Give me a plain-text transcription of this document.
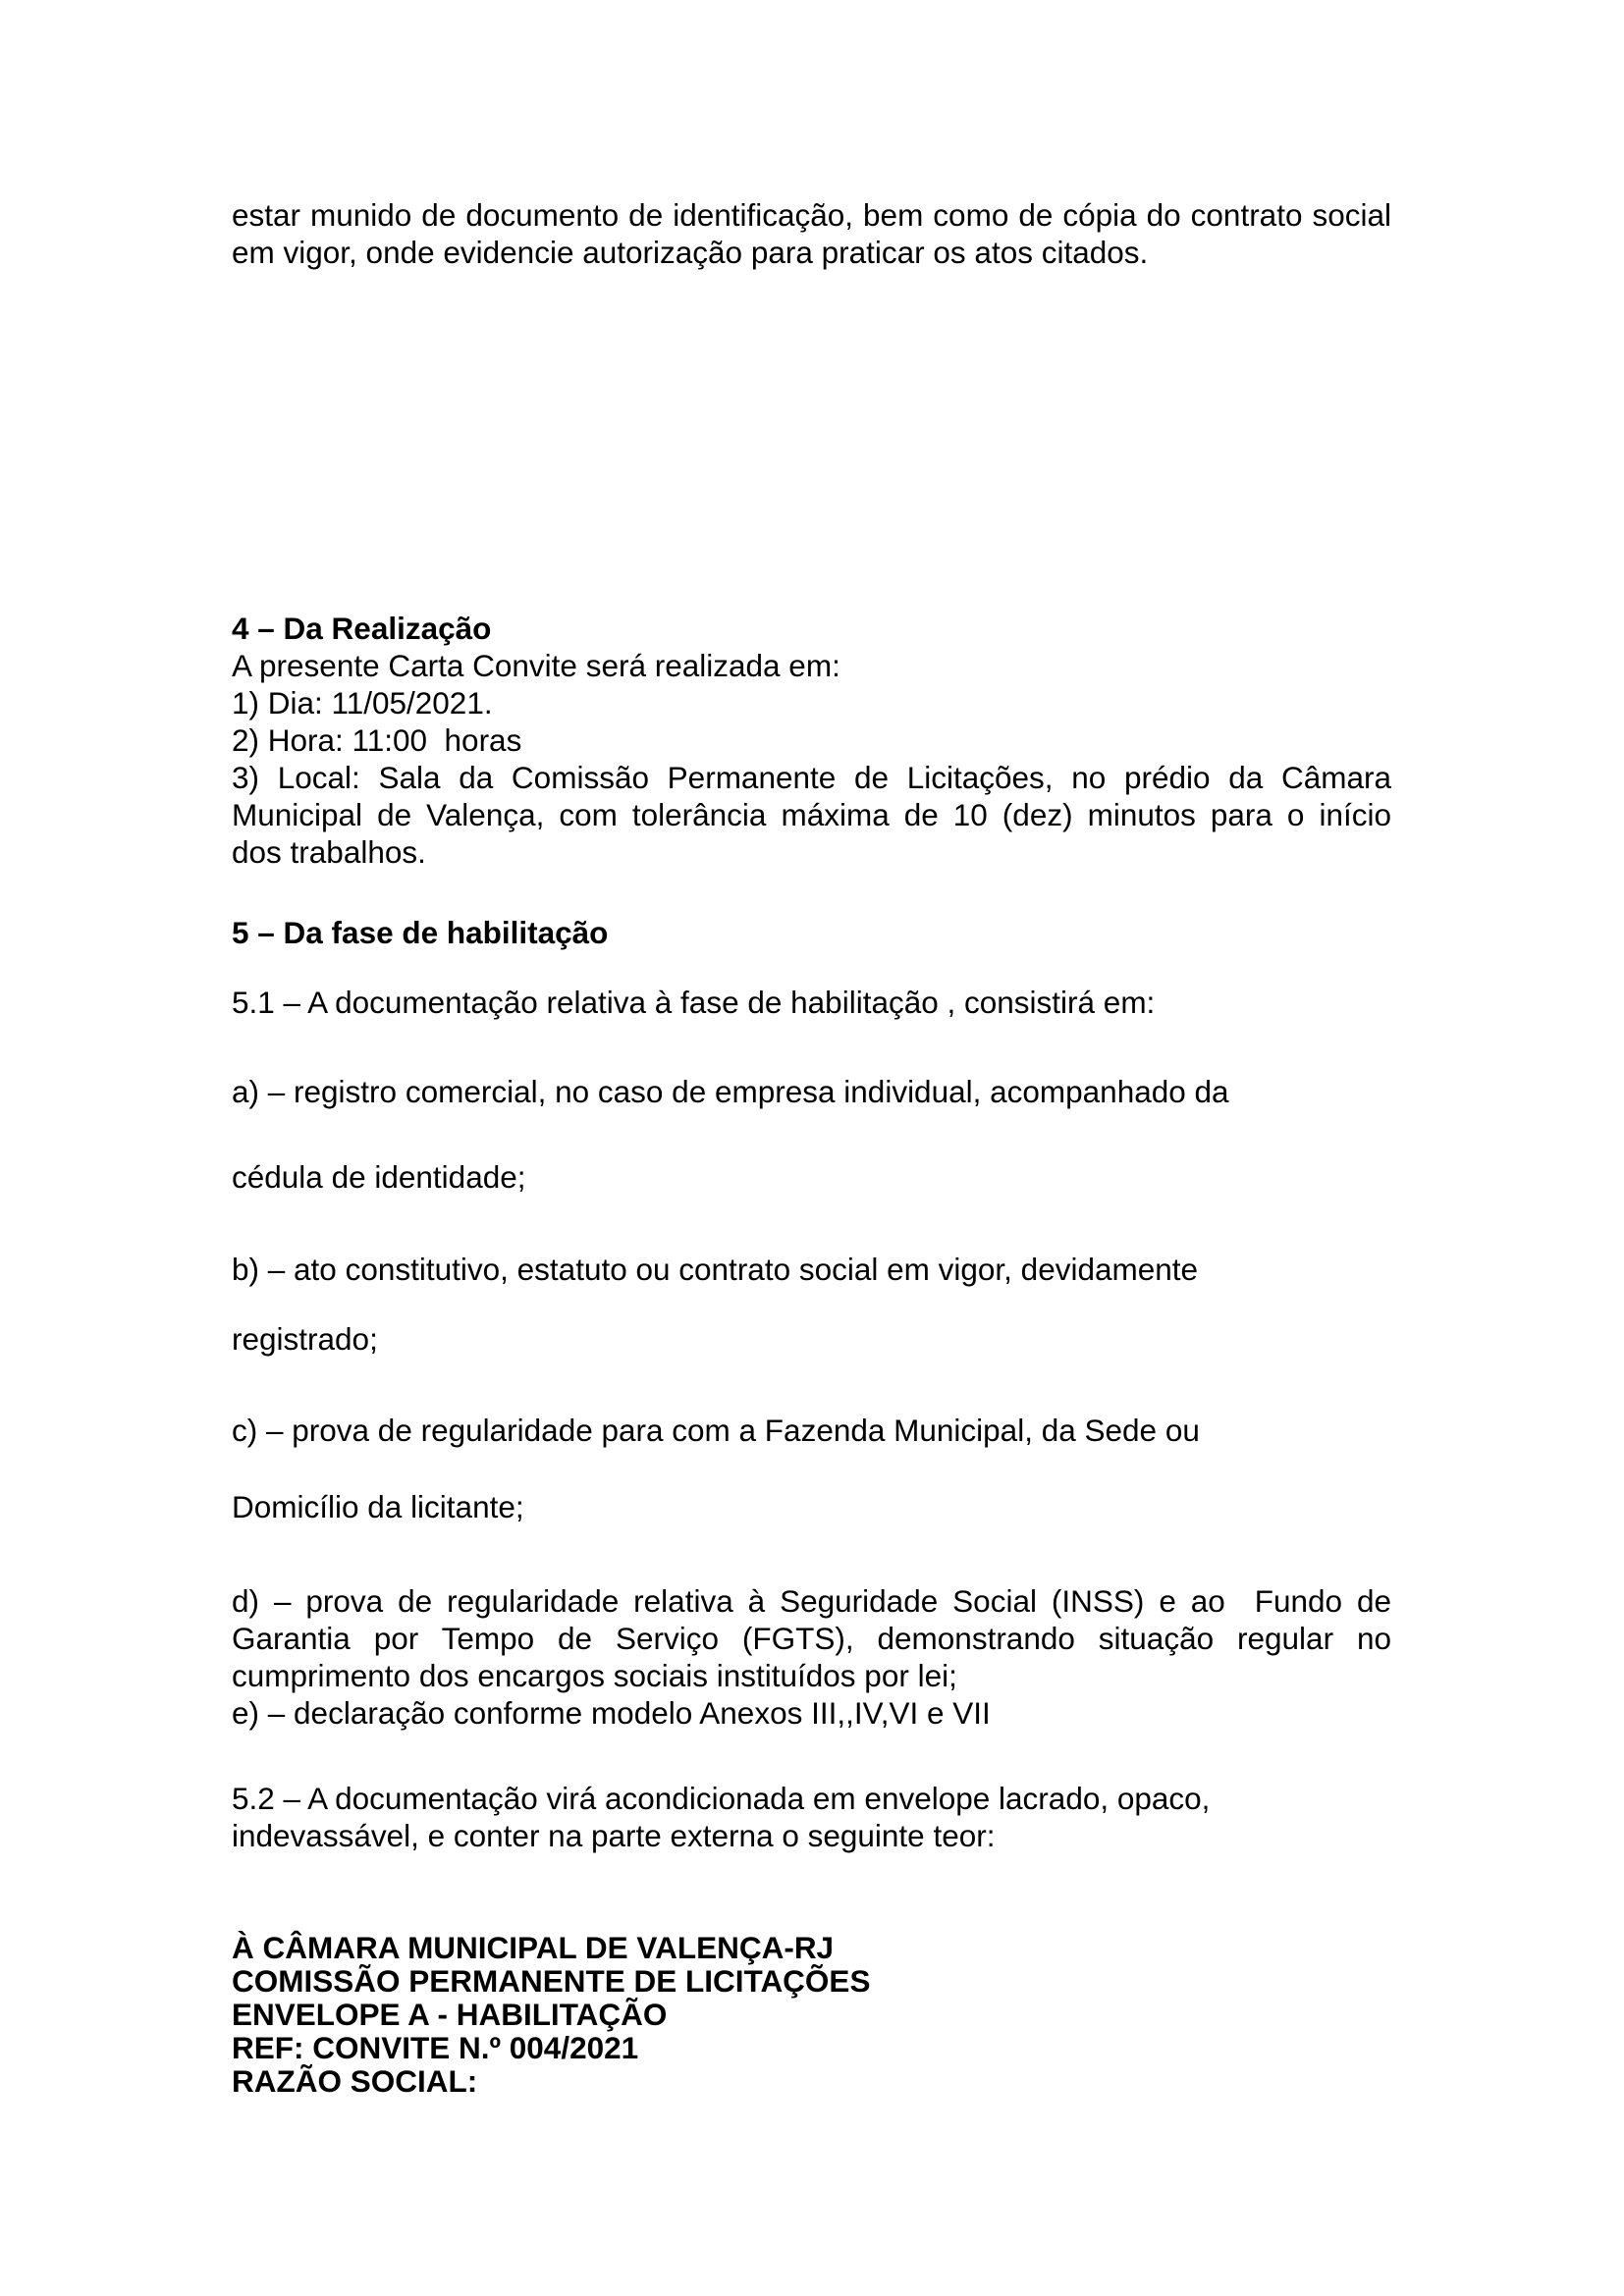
estar munido de documento de identificação, bem como de cópia do contrato social
em vigor, onde evidencie autorização para praticar os atos citados.
4 – Da Realização
A presente Carta Convite será realizada em:
1) Dia: 11/05/2021.
2) Hora: 11:00  horas
3) Local: Sala da Comissão Permanente de Licitações, no prédio da Câmara
Municipal de Valença, com tolerância máxima de 10 (dez) minutos para o início
dos trabalhos.
5 – Da fase de habilitação
5.1 – A documentação relativa à fase de habilitação , consistirá em:
a) – registro comercial, no caso de empresa individual, acompanhado da
cédula de identidade;
b) – ato constitutivo, estatuto ou contrato social em vigor, devidamente
registrado;
c) – prova de regularidade para com a Fazenda Municipal, da Sede ou
Domicílio da licitante;
d) – prova de regularidade relativa à Seguridade Social (INSS) e ao  Fundo de
Garantia por Tempo de Serviço (FGTS), demonstrando situação regular no
cumprimento dos encargos sociais instituídos por lei;
e) – declaração conforme modelo Anexos III,,IV,VI e VII
5.2 – A documentação virá acondicionada em envelope lacrado, opaco,
indevassável, e conter na parte externa o seguinte teor:
À CÂMARA MUNICIPAL DE VALENÇA-RJ
COMISSÃO PERMANENTE DE LICITAÇÕES
ENVELOPE A - HABILITAÇÃO
REF: CONVITE N.º 004/2021
RAZÃO SOCIAL:
